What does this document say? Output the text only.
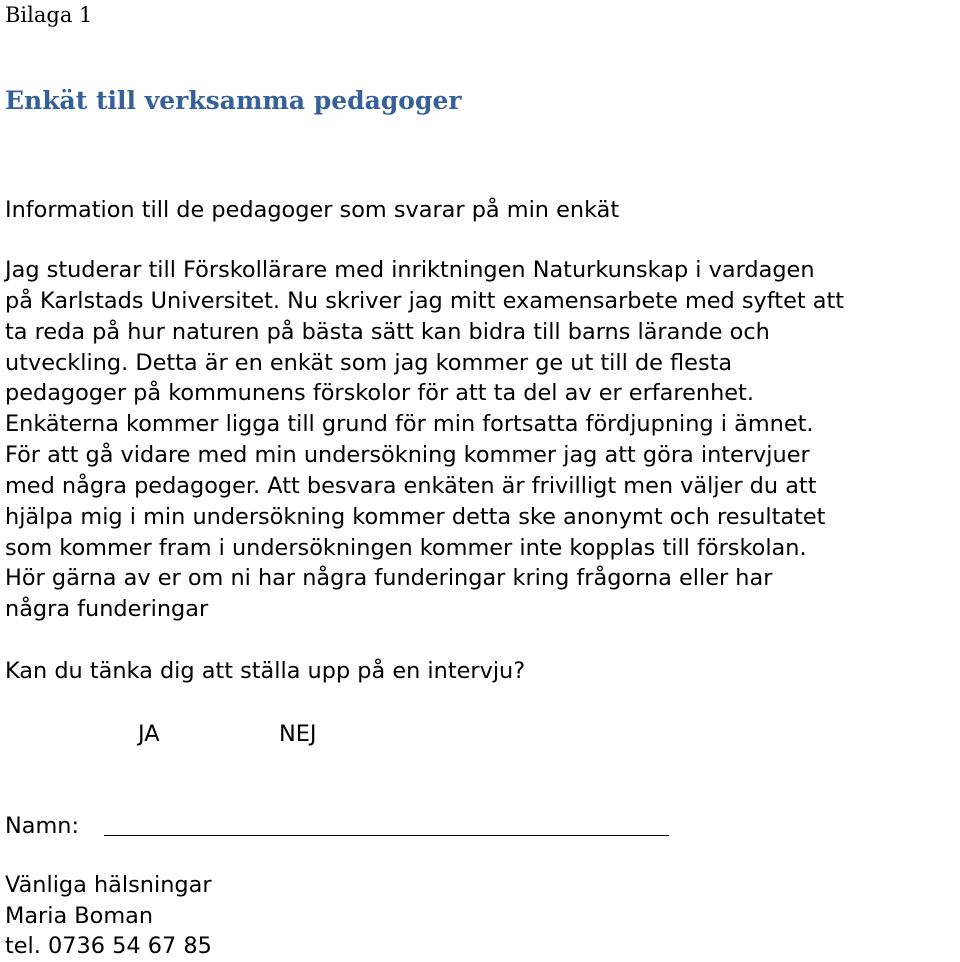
Bilaga 1
Enkät till verksamma pedagoger
Information till de pedagoger som svarar på min enkät
Jag studerar till Förskollärare med inriktningen Naturkunskap i vardagen
på Karlstads Universitet. Nu skriver jag mitt examensarbete med syftet att
ta reda på hur naturen på bästa sätt kan bidra till barns lärande och
utveckling. Detta är en enkät som jag kommer ge ut till de flesta
pedagoger på kommunens förskolor för att ta del av er erfarenhet.
Enkäterna kommer ligga till grund för min fortsatta fördjupning i ämnet.
För att gå vidare med min undersökning kommer jag att göra intervjuer
med några pedagoger. Att besvara enkäten är frivilligt men väljer du att
hjälpa mig i min undersökning kommer detta ske anonymt och resultatet
som kommer fram i undersökningen kommer inte kopplas till förskolan.
Hör gärna av er om ni har några funderingar kring frågorna eller har
några funderingar
Kan du tänka dig att ställa upp på en intervju?
JA	NEJ
Namn:
Vänliga hälsningar
Maria Boman
tel. 0736 54 67 85
